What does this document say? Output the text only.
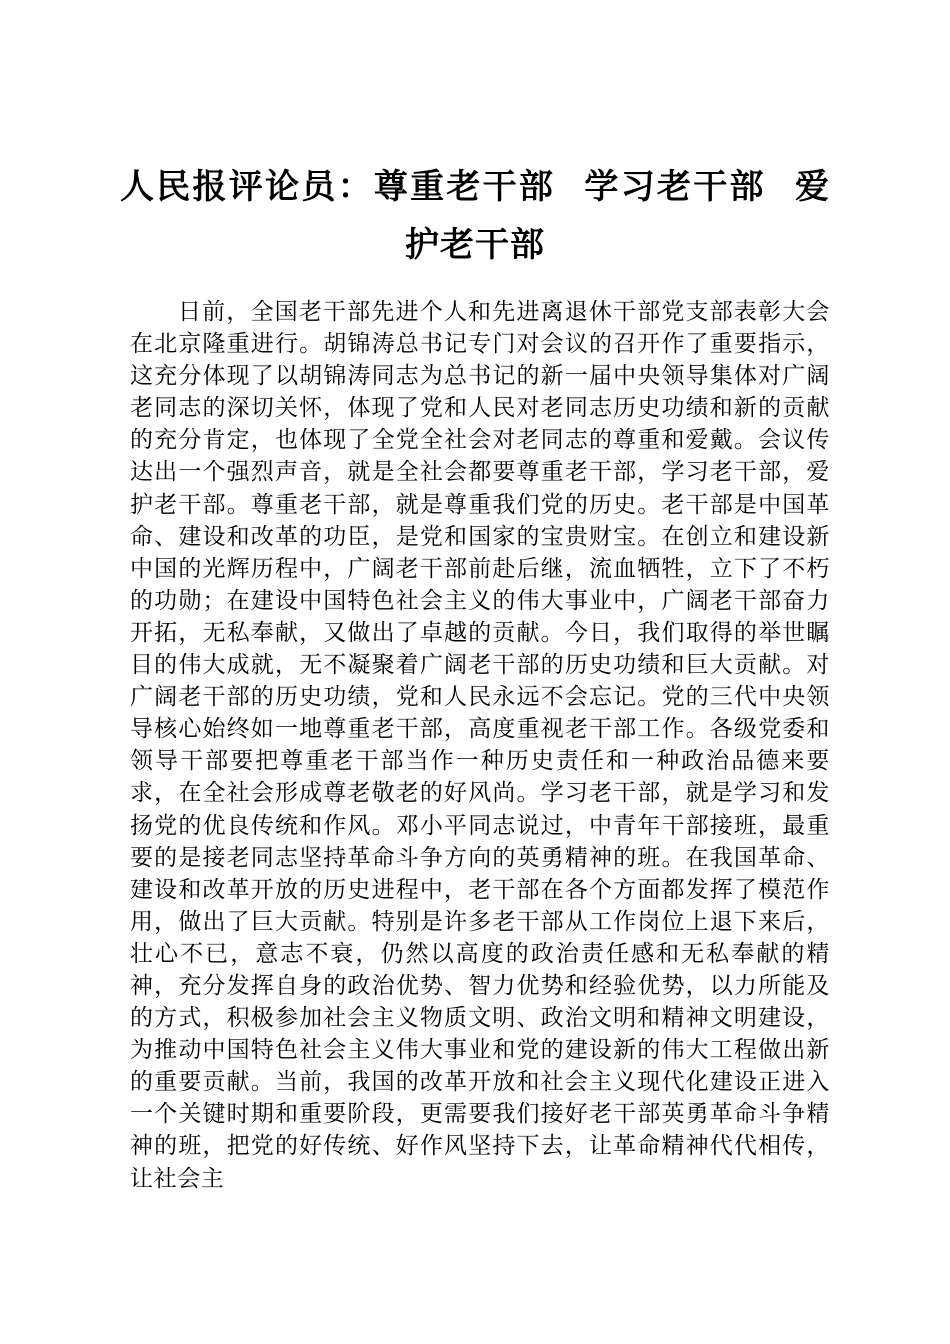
人民报评论员：尊重老干部 学习老干部 爱护老干部

日前，全国老干部先进个人和先进离退休干部党支部表彰大会在北京隆重进行。胡锦涛总书记专门对会议的召开作了重要指示，这充分体现了以胡锦涛同志为总书记的新一届中央领导集体对广阔老同志的深切关怀，体现了党和人民对老同志历史功绩和新的贡献的充分肯定，也体现了全党全社会对老同志的尊重和爱戴。会议传达出一个强烈声音，就是全社会都要尊重老干部，学习老干部，爱护老干部。尊重老干部，就是尊重我们党的历史。老干部是中国革命、建设和改革的功臣，是党和国家的宝贵财宝。在创立和建设新中国的光辉历程中，广阔老干部前赴后继，流血牺牲，立下了不朽的功勋；在建设中国特色社会主义的伟大事业中，广阔老干部奋力开拓，无私奉献，又做出了卓越的贡献。今日，我们取得的举世瞩目的伟大成就，无不凝聚着广阔老干部的历史功绩和巨大贡献。对广阔老干部的历史功绩，党和人民永远不会忘记。党的三代中央领导核心始终如一地尊重老干部，高度重视老干部工作。各级党委和领导干部要把尊重老干部当作一种历史责任和一种政治品德来要求，在全社会形成尊老敬老的好风尚。学习老干部，就是学习和发扬党的优良传统和作风。邓小平同志说过，中青年干部接班，最重要的是接老同志坚持革命斗争方向的英勇精神的班。在我国革命、建设和改革开放的历史进程中，老干部在各个方面都发挥了模范作用，做出了巨大贡献。特别是许多老干部从工作岗位上退下来后，壮心不已，意志不衰，仍然以高度的政治责任感和无私奉献的精神，充分发挥自身的政治优势、智力优势和经验优势，以力所能及的方式，积极参加社会主义物质文明、政治文明和精神文明建设，为推动中国特色社会主义伟大事业和党的建设新的伟大工程做出新的重要贡献。当前，我国的改革开放和社会主义现代化建设正进入一个关键时期和重要阶段，更需要我们接好老干部英勇革命斗争精神的班，把党的好传统、好作风坚持下去，让革命精神代代相传，让社会主
